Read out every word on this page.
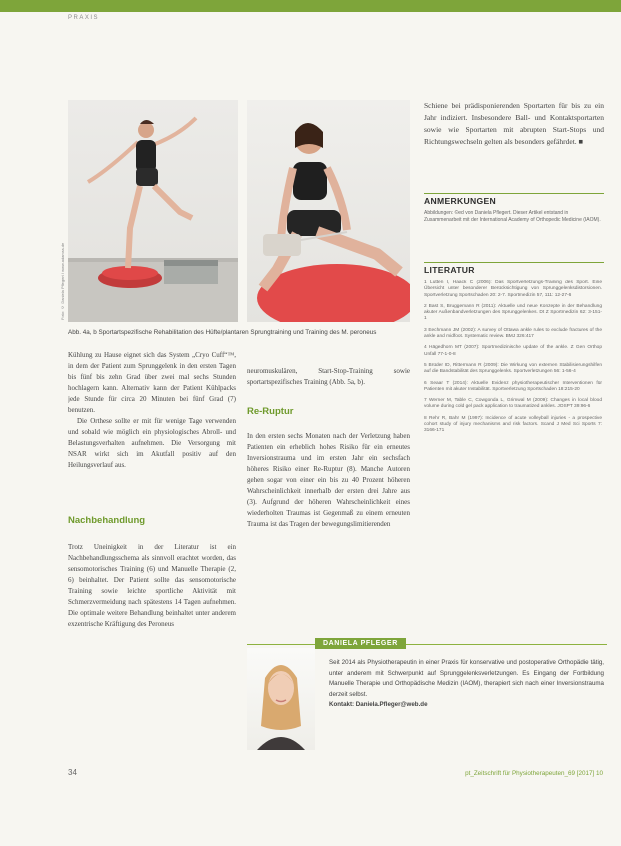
PRAXIS
Foto: © Daniela Pflegert / www.adamss.de
Abb. 4a, b Sportartspezifische Rehabilitation des Hüfte/plantaren Sprungtraining und Training des M. peroneus

Kühlung zu Hause eignet sich das System „Cryo Cuff“™, in dem der Patient zum Sprunggelenk in den ersten Tagen bis fünf bis zehn Grad über zwei mal sechs Stunden hochlagern kann. Alternativ kann der Patient Kühlpacks jede Stunde für circa 20 Minuten bei fünf Grad (7) benutzen.

Die Orthese sollte er mit für wenige Tage verwenden und sobald wie möglich ein physiologisches Abroll- und Belastungsverhalten aufnehmen. Die Versorgung mit NSAR wirkt sich im Akutfall positiv auf den Heilungsverlauf aus.

Nachbehandlung

Trotz Uneinigkeit in der Literatur ist ein Nachbehandlungsschema als sinnvoll erachtet worden, das sensomotorisches Training (6) und Manuelle Therapie (2, 6) beinhaltet. Der Patient sollte das sensomotorische Training sowie leichte sportliche Aktivität mit Schmerzvermeidung nach spätestens 14 Tagen aufnehmen. Die optimale weitere Behandlung beinhaltet unter anderem exzentrische Kräftigung des Peroneus

neuromuskulären, Start-Stop-Training sowie sportartspezifisches Training (Abb. 5a, b).

Re-Ruptur

In den ersten sechs Monaten nach der Verletzung haben Patienten ein erheblich hohes Risiko für ein erneutes Inversionstrauma und im ersten Jahr ein sechsfach höheres Risiko einer Re-Ruptur (8). Manche Autoren gehen sogar von einer ein bis zu 40 Prozent höheren Wahrscheinlichkeit innerhalb der ersten drei Jahre aus (3). Aufgrund der höheren Wahrscheinlichkeit eines wiederholten Traumas ist Gegenmaß zu einem erneuten Trauma ist das Tragen der bewegungslimitierenden

Schiene bei prädisponierenden Sportarten für bis zu ein Jahr indiziert. Insbesondere Ball- und Kontaktsportarten sowie wie Sportarten mit abrupten Start-Stops und Richtungswechseln gelten als besonders gefährdet. ■
ANMERKUNGEN
Abbildungen: ©ed von Daniela Pflegert. Dieser Artikel entstand in Zusammenarbeit mit der International Academy of Orthopedic Medicine (IAOM).
LITERATUR

1 Lutten I, Haack C (2006): Das Sportverletzungs-Training des Sport. Eine Übersicht unter besonderer Berücksichtigung von Sprunggelenksdistorsionen. Sportverletzung Sportschaden 20: 2-7. Sportmedizin 57, 111: 12-27-6

2 Bast S, Bruggemann R (2011): Aktuelle und neue Konzepte in der Behandlung akuter Außenbandverletzungen des Sprunggelenkes. Dt Z Sportmedizin 62: 3-151-1

3 Eechmann JM (2002): A survey of Ottawa ankle rules to exclude fractures of the ankle and midfoot. Systematic review. BMJ 326:417

4 Hägedhorn MT (2007): Sportmedizinische update of the ankle. Z Gen Orthop Unfall 77-1-0-8

5 Brüder ID, Rittermann R (2009): Die Wirkung von externen Stabilisierungshilfen auf die Bandstabilität des Sprunggelenks. Sportverletzungen 56: 1-56-4

6 Seaar T (2014): Aktuelle Evidenz physiotherapeutischer Interventionen für Patienten mit akuter Instabilität. Sportverletzung Sportschaden 18:215-20

7 Werner M, Table C, Cowgonda L, Grimwal M (2009): Changes in local blood volume during cold gel pack application to traumatized ankles. JOSPT 39:96-6

8 Rehr R, Bahr M (1997): Incidence of acute volleyball injuries - a prospective cohort study of injury mechanisms and risk factors. Scand J Med Sci Sports 7: 3166-171

DANIELA PFLEGER
Seit 2014 als Physiotherapeutin in einer Praxis für konservative und postoperative Orthopädie tätig, unter anderem mit Schwerpunkt auf Sprunggelenksverletzungen. Es Eingang der Fortbildung Manuelle Therapie und Orthopädische Medizin (IAOM), therapiert sich nach einer Inversionstrauma derzeit selbst.
Kontakt: Daniela.Pfleger@web.de
34	pt_Zeitschrift für Physiotherapeuten_69 [2017] 10
